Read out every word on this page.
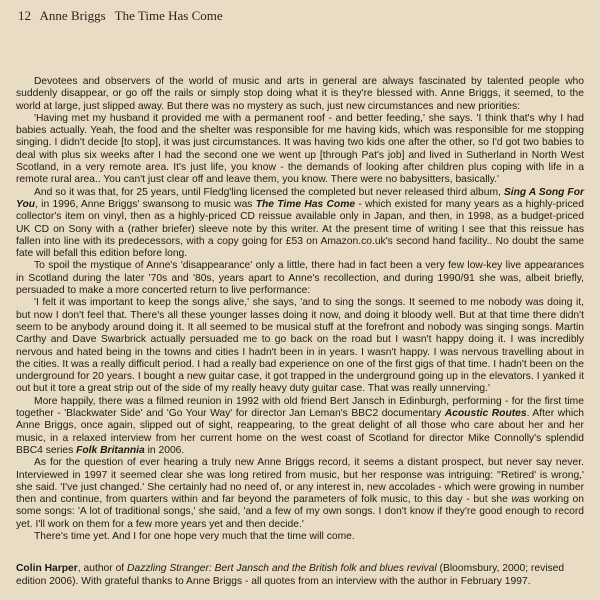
12 Anne Briggs The Time Has Come

Devotees and observers of the world of music and arts in general are always fascinated by talented people who suddenly disappear, or go off the rails or simply stop doing what it is they're blessed with. Anne Briggs, it seemed, to the world at large, just slipped away. But there was no mystery as such, just new circumstances and new priorities:

'Having met my husband it provided me with a permanent roof - and better feeding,' she says. 'I think that's why I had babies actually. Yeah, the food and the shelter was responsible for me having kids, which was responsible for me stopping singing. I didn't decide [to stop], it was just circumstances. It was having two kids one after the other, so I'd got two babies to deal with plus six weeks after I had the second one we went up [through Pat's job] and lived in Sutherland in North West Scotland, in a very remote area. It's just life, you know - the demands of looking after children plus coping with life in a remote rural area.. You can't just clear off and leave them, you know. There were no babysitters, basically.'

And so it was that, for 25 years, until Fledg'ling licensed the completed but never released third album, Sing A Song For You, in 1996, Anne Briggs' swansong to music was The Time Has Come - which existed for many years as a highly-priced collector's item on vinyl, then as a highly-priced CD reissue available only in Japan, and then, in 1998, as a budget-priced UK CD on Sony with a (rather briefer) sleeve note by this writer. At the present time of writing I see that this reissue has fallen into line with its predecessors, with a copy going for £53 on Amazon.co.uk's second hand facility.. No doubt the same fate will befall this edition before long.

To spoil the mystique of Anne's 'disappearance' only a little, there had in fact been a very few low-key live appearances in Scotland during the later '70s and '80s, years apart to Anne's recollection, and during 1990/91 she was, albeit briefly, persuaded to make a more concerted return to live performance:

'I felt it was important to keep the songs alive,' she says, 'and to sing the songs. It seemed to me nobody was doing it, but now I don't feel that. There's all these younger lasses doing it now, and doing it bloody well. But at that time there didn't seem to be anybody around doing it. It all seemed to be musical stuff at the forefront and nobody was singing songs. Martin Carthy and Dave Swarbrick actually persuaded me to go back on the road but I wasn't happy doing it. I was incredibly nervous and hated being in the towns and cities I hadn't been in in years. I wasn't happy. I was nervous travelling about in the cities. It was a really difficult period. I had a really bad experience on one of the first gigs of that time. I hadn't been on the underground for 20 years. I bought a new guitar case, it got trapped in the underground going up in the elevators. I yanked it out but it tore a great strip out of the side of my really heavy duty guitar case. That was really unnerving.'

More happily, there was a filmed reunion in 1992 with old friend Bert Jansch in Edinburgh, performing - for the first time together - 'Blackwater Side' and 'Go Your Way' for director Jan Leman's BBC2 documentary Acoustic Routes. After which Anne Briggs, once again, slipped out of sight, reappearing, to the great delight of all those who care about her and her music, in a relaxed interview from her current home on the west coast of Scotland for director Mike Connolly's splendid BBC4 series Folk Britannia in 2006.

As for the question of ever hearing a truly new Anne Briggs record, it seems a distant prospect, but never say never. Interviewed in 1997 it seemed clear she was long retired from music, but her response was intriguing: ''Retired' is wrong,' she said. 'I've just changed.' She certainly had no need of, or any interest in, new accolades - which were growing in number then and continue, from quarters within and far beyond the parameters of folk music, to this day - but she was working on some songs: 'A lot of traditional songs,' she said, 'and a few of my own songs. I don't know if they're good enough to record yet. I'll work on them for a few more years yet and then decide.'

There's time yet. And I for one hope very much that the time will come.

Colin Harper, author of Dazzling Stranger: Bert Jansch and the British folk and blues revival (Bloomsbury, 2000; revised edition 2006). With grateful thanks to Anne Briggs - all quotes from an interview with the author in February 1997.
